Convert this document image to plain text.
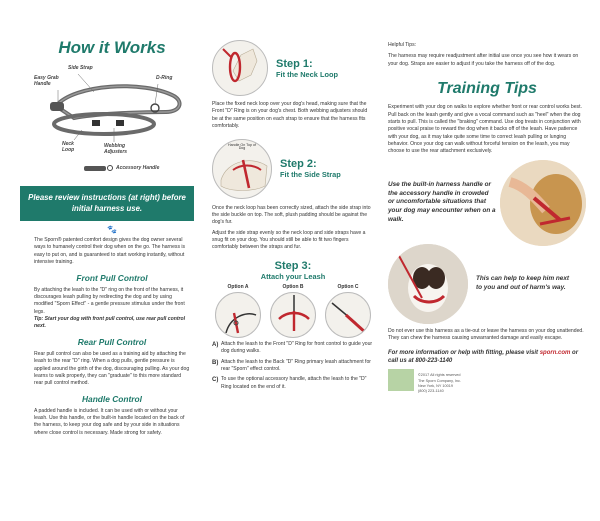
How it Works
Side Strap
Easy Grab
Handle
D-Ring
Neck
Loop
Webbing
Adjusters
Accessory Handle
Please review instructions (at right) before initial harness use.
🐾

The Sporn® patented comfort design gives the dog owner several ways to humanely control their dog when on the go. The harness is easy to put on, and is guaranteed to start working instantly, without intensive training.

Front Pull Control

By attaching the leash to the "D" ring on the front of the harness, it discourages leash pulling by redirecting the dog and by using modified "Sporn Effect" - a gentle pressure stimulus under the front legs.

Tip: Start your dog with front pull control, use rear pull control next.

Rear Pull Control

Rear pull control can also be used as a training aid by attaching the leash to the rear "D" ring. When a dog pulls, gentle pressure is applied around the girth of the dog, discouraging pulling. As your dog learns to walk properly, they can "graduate" to this more standard rear pull control method.

Handle Control

A padded handle is included. It can be used with or without your leash. Use this handle, or the built-in handle located on the back of the harness, to keep your dog safe and by your side in situations where close control is necessary. Made strong for safety.

Step 1:
Fit the Neck Loop

Place the fixed neck loop over your dog's head, making sure that the Front "D" Ring is on your dog's chest. Both webbing adjusters should be at the same position on each strap to ensure that the harness fits comfortably.

Handle On Top of Dog
Step 2:
Fit the Side Strap

Once the neck loop has been correctly sized, attach the side strap into the side buckle on top. The soft, plush padding should be against the dog's fur.

Adjust the side strap evenly so the neck loop and side straps have a snug fit on your dog. You should still be able to fit two fingers comfortably between the straps and fur.

Step 3:
Attach your Leash
Option A	Option B	Option C
A) Attach the leash to the Front "D" Ring for front control to guide your dog during walks.
B) Attach the leash to the Back "D" Ring primary leash attachment for rear "Sporn" effect control.
C) To use the optional accessory handle, attach the leash to the "D" Ring located on the end of it.
Helpful Tips:

The harness may require readjustment after initial use once you see how it wears on your dog. Straps are easier to adjust if you take the harness off of the dog.

Training Tips

Experiment with your dog on walks to explore whether front or rear control works best. Pull back on the leash gently and give a vocal command such as "heel" when the dog starts to pull. This is called the "braking" command. Use dog treats in conjunction with positive vocal praise to reward the dog when it backs off of the leash. Have patience with your dog, as it may take quite some time to correct leash pulling or lunging behavior. Once your dog can walk without forceful tension on the leash, you may choose to use the rear attachment exclusively.

Use the built-in harness handle or the accessory handle in crowded or uncomfortable situations that your dog may encounter when on a walk.
This can help to keep him next to you and out of harm's way.

Do not ever use this harness as a tie-out or leave the harness on your dog unattended. They can chew the harness causing unwarranted damage and easily escape.

For more information or help with fitting, please visit sporn.com or call us at 800-223-1140
©2017 All rights reserved
The Sporn Company, Inc.
New York, NY 10019
(800) 223-1140
